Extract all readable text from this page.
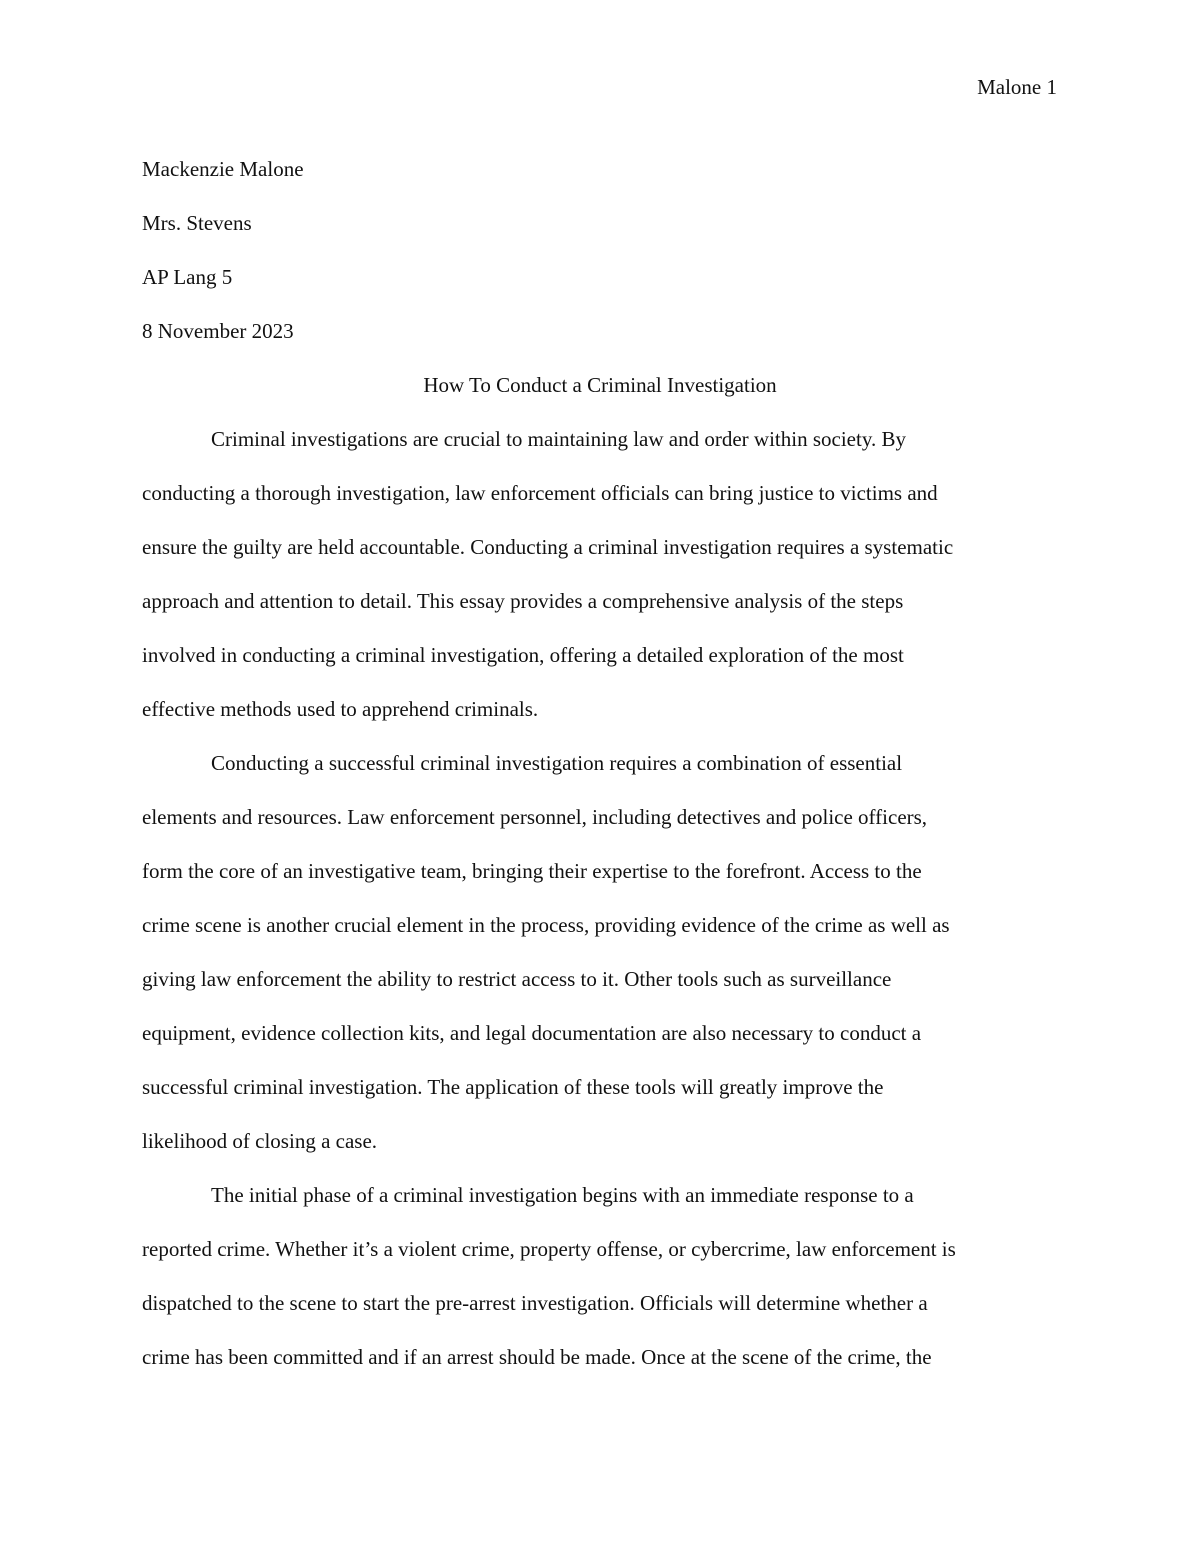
Malone 1

Mackenzie Malone

Mrs. Stevens

AP Lang 5

8 November 2023

How To Conduct a Criminal Investigation

Criminal investigations are crucial to maintaining law and order within society. By
conducting a thorough investigation, law enforcement officials can bring justice to victims and
ensure the guilty are held accountable. Conducting a criminal investigation requires a systematic
approach and attention to detail. This essay provides a comprehensive analysis of the steps
involved in conducting a criminal investigation, offering a detailed exploration of the most
effective methods used to apprehend criminals.

Conducting a successful criminal investigation requires a combination of essential
elements and resources. Law enforcement personnel, including detectives and police officers,
form the core of an investigative team, bringing their expertise to the forefront. Access to the
crime scene is another crucial element in the process, providing evidence of the crime as well as
giving law enforcement the ability to restrict access to it. Other tools such as surveillance
equipment, evidence collection kits, and legal documentation are also necessary to conduct a
successful criminal investigation. The application of these tools will greatly improve the
likelihood of closing a case.

The initial phase of a criminal investigation begins with an immediate response to a
reported crime. Whether it’s a violent crime, property offense, or cybercrime, law enforcement is
dispatched to the scene to start the pre-arrest investigation. Officials will determine whether a
crime has been committed and if an arrest should be made. Once at the scene of the crime, the
